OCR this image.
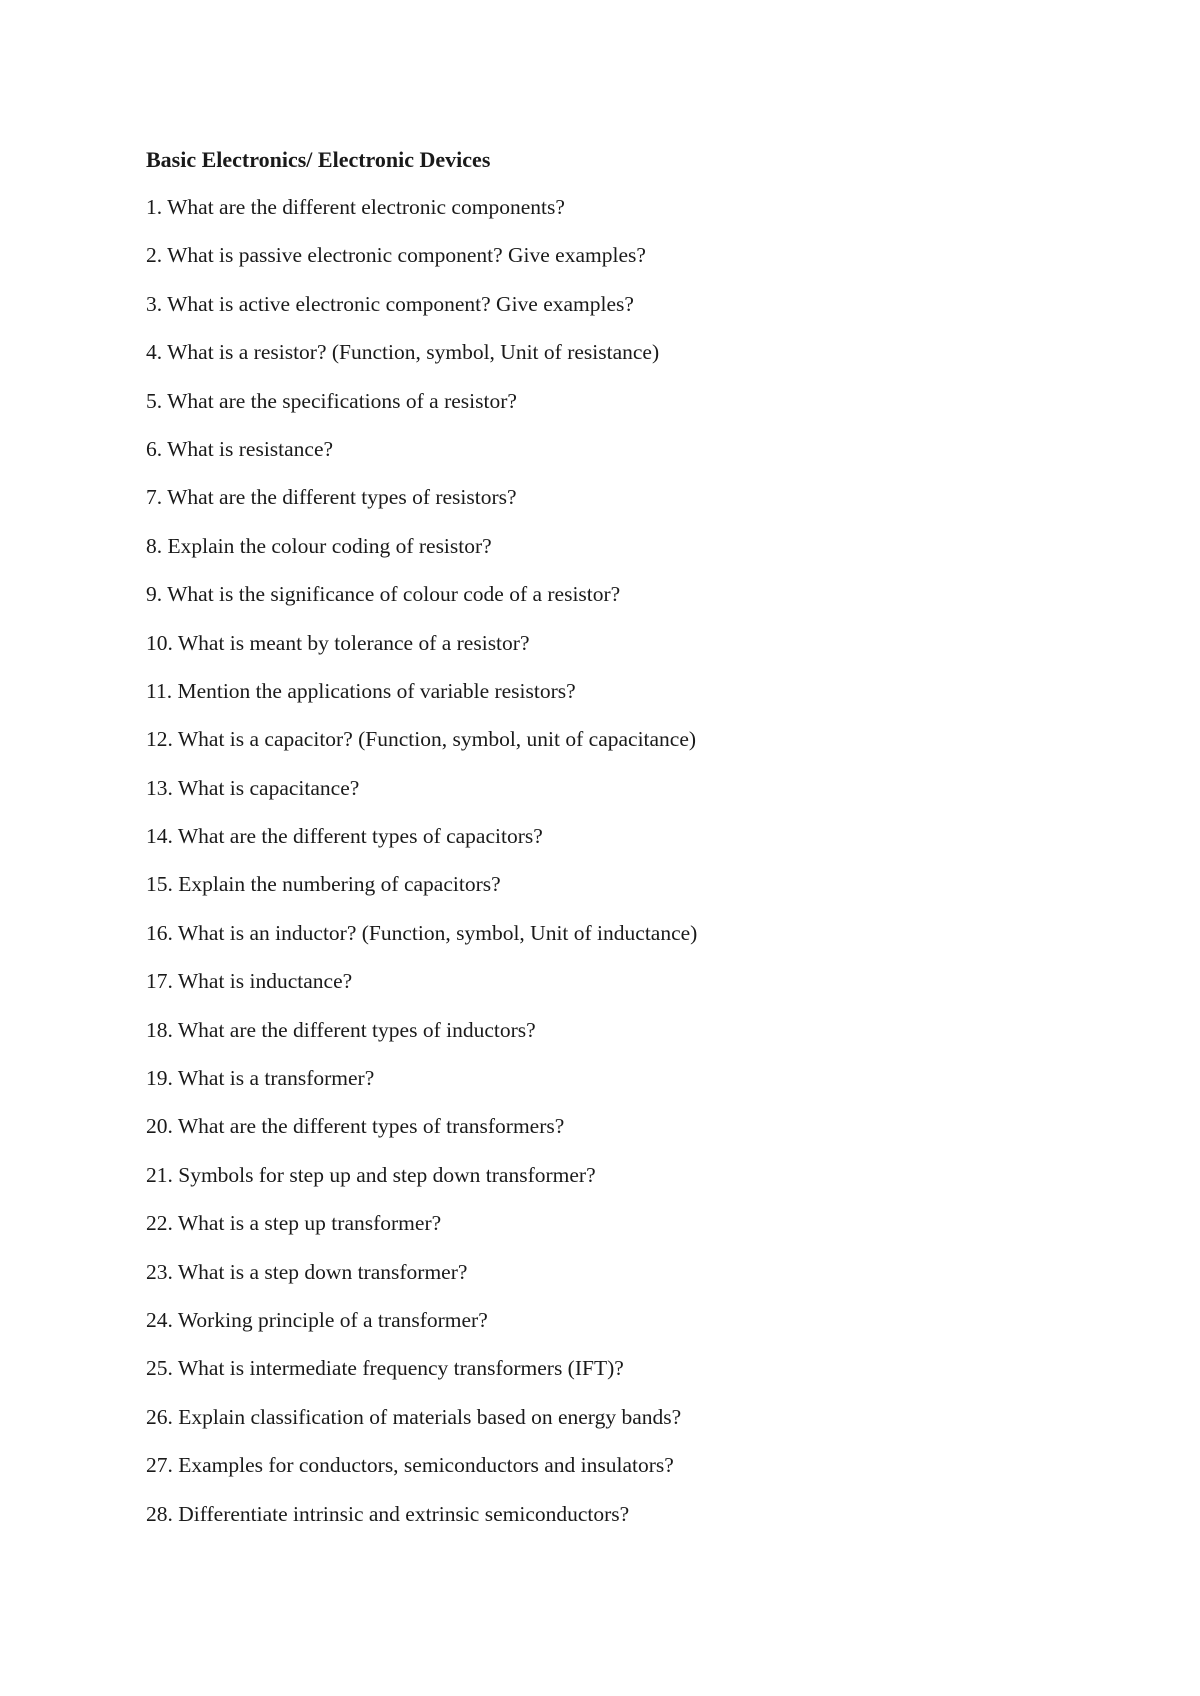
Basic Electronics/ Electronic Devices
1. What are the different electronic components?
2. What is passive electronic component? Give examples?
3. What is active electronic component? Give examples?
4. What is a resistor? (Function, symbol, Unit of resistance)
5. What are the specifications of a resistor?
6. What is resistance?
7. What are the different types of resistors?
8. Explain the colour coding of resistor?
9. What is the significance of colour code of a resistor?
10. What is meant by tolerance of a resistor?
11. Mention the applications of variable resistors?
12. What is a capacitor? (Function, symbol, unit of capacitance)
13. What is capacitance?
14. What are the different types of capacitors?
15. Explain the numbering of capacitors?
16. What is an inductor? (Function, symbol, Unit of inductance)
17. What is inductance?
18. What are the different types of inductors?
19. What is a transformer?
20. What are the different types of transformers?
21. Symbols for step up and step down transformer?
22. What is a step up transformer?
23. What is a step down transformer?
24. Working principle of a transformer?
25. What is intermediate frequency transformers (IFT)?
26. Explain classification of materials based on energy bands?
27. Examples for conductors, semiconductors and insulators?
28. Differentiate intrinsic and extrinsic semiconductors?
